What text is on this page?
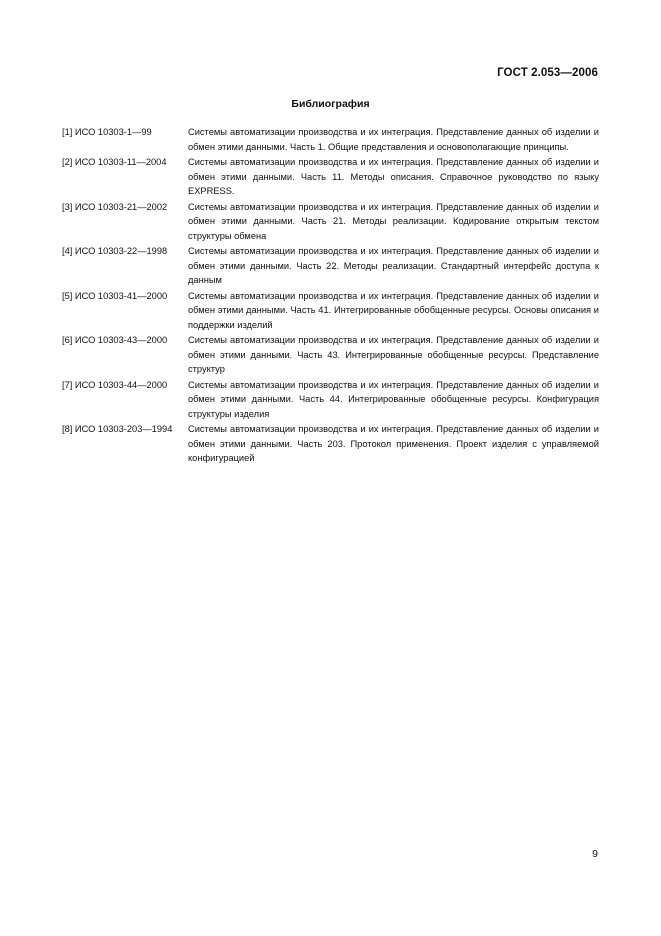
ГОСТ 2.053—2006
Библиография
[1] ИСО 10303-1—99	Системы автоматизации производства и их интеграция. Представление данных об изделии и обмен этими данными. Часть 1. Общие представления и основополагающие принципы.
[2] ИСО 10303-11—2004	Системы автоматизации производства и их интеграция. Представление данных об изделии и обмен этими данными. Часть 11. Методы описания. Справочное руководство по языку EXPRESS.
[3] ИСО 10303-21—2002	Системы автоматизации производства и их интеграция. Представление данных об изделии и обмен этими данными. Часть 21. Методы реализации. Кодирование открытым текстом структуры обмена
[4] ИСО 10303-22—1998	Системы автоматизации производства и их интеграция. Представление данных об изделии и обмен этими данными. Часть 22. Методы реализации. Стандартный интерфейс доступа к данным
[5] ИСО 10303-41—2000	Системы автоматизации производства и их интеграция. Представление данных об изделии и обмен этими данными. Часть 41. Интегрированные обобщенные ресурсы. Основы описания и поддержки изделий
[6] ИСО 10303-43—2000	Системы автоматизации производства и их интеграция. Представление данных об изделии и обмен этими данными. Часть 43. Интегрированные обобщенные ресурсы. Представление структур
[7] ИСО 10303-44—2000	Системы автоматизации производства и их интеграция. Представление данных об изделии и обмен этими данными. Часть 44. Интегрированные обобщенные ресурсы. Конфигурация структуры изделия
[8] ИСО 10303-203—1994	Системы автоматизации производства и их интеграция. Представление данных об изделии и обмен этими данными. Часть 203. Протокол применения. Проект изделия с управляемой конфигурацией
9
